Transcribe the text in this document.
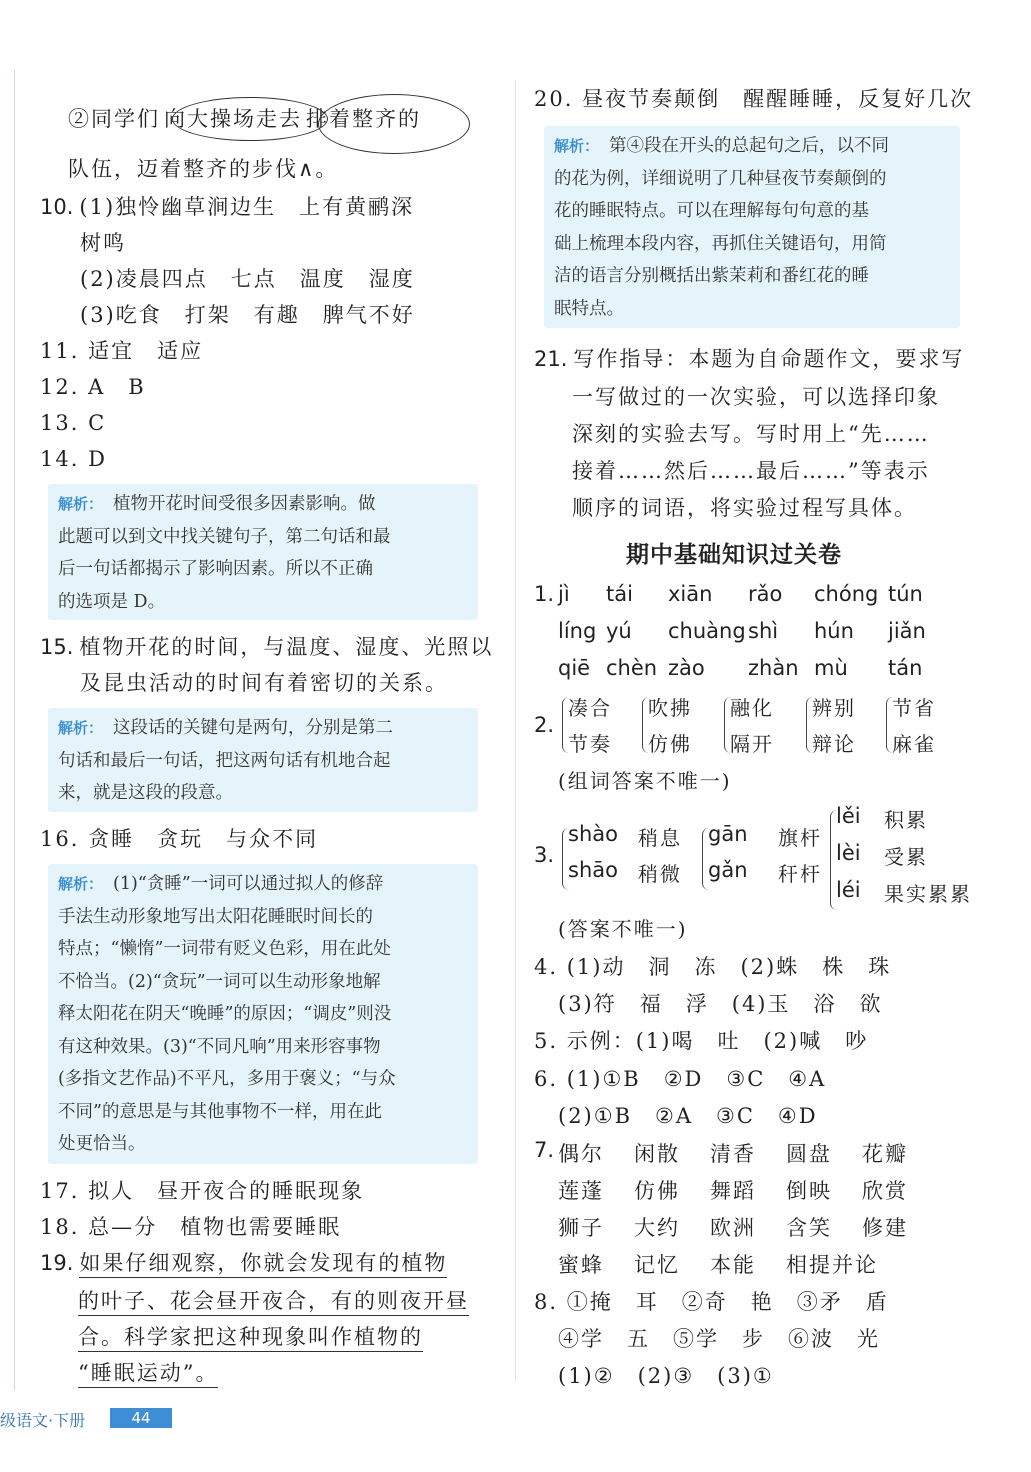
②同学们 向大操场走去 排着整齐的
队伍，迈着整齐的步伐∧。
10. (1)独怜幽草涧边生　上有黄鹂深
树鸣
(2)凌晨四点　七点　温度　湿度
(3)吃食　打架　有趣　脾气不好
11. 适宜　适应
12. A　B
13. C
14. D
解析： 植物开花时间受很多因素影响。做
此题可以到文中找关键句子，第二句话和最
后一句话都揭示了影响因素。所以不正确
的选项是 D。
15. 植物开花的时间，与温度、湿度、光照以
及昆虫活动的时间有着密切的关系。
解析： 这段话的关键句是两句，分别是第二
句话和最后一句话，把这两句话有机地合起
来，就是这段的段意。
16. 贪睡　贪玩　与众不同
解析： (1)“贪睡”一词可以通过拟人的修辞
手法生动形象地写出太阳花睡眠时间长的
特点；“懒惰”一词带有贬义色彩，用在此处
不恰当。(2)“贪玩”一词可以生动形象地解
释太阳花在阴天“晚睡”的原因；“调皮”则没
有这种效果。(3)“不同凡响”用来形容事物
(多指文艺作品)不平凡，多用于褒义；“与众
不同”的意思是与其他事物不一样，用在此
处更恰当。
17. 拟人　昼开夜合的睡眠现象
18. 总—分　植物也需要睡眠
19. 如果仔细观察，你就会发现有的植物
的叶子、花会昼开夜合，有的则夜开昼
合。科学家把这种现象叫作植物的
“睡眠运动”。
20. 昼夜节奏颠倒　醒醒睡睡，反复好几次
解析： 第④段在开头的总起句之后，以不同
的花为例，详细说明了几种昼夜节奏颠倒的
花的睡眠特点。可以在理解每句句意的基
础上梳理本段内容，再抓住关键语句，用简
洁的语言分别概括出紫茉莉和番红花的睡
眠特点。
21. 写作指导：本题为自命题作文，要求写
一写做过的一次实验，可以选择印象
深刻的实验去写。写时用上“先……
接着……然后……最后……”等表示
顺序的词语，将实验过程写具体。
期中基础知识过关卷
1. jì tái xiān rǎo chóng tún
líng yú chuàng shì hún jiǎn
qiē chèn zào zhàn mù tán
2.
凑合
节奏
吹拂
仿佛
融化
隔开
辨别
辩论
节省
麻雀
(组词答案不唯一)
3.
shào 稍息
shāo 稍微
gān 旗杆
gǎn 秆杆
lěi 积累
lèi 受累
léi 果实累累
(答案不唯一)
4. (1)动　洞　冻　(2)蛛　株　珠
(3)符　福　浮　(4)玉　浴　欲
5. 示例：(1)喝　吐　(2)喊　吵
6. (1)①B　②D　③C　④A
(2)①B　②A　③C　④D
7. 偶尔 闲散 清香 圆盘 花瓣
莲蓬 仿佛 舞蹈 倒映 欣赏
狮子 大约 欧洲 含笑 修建
蜜蜂 记忆 本能 相提并论
8. ①掩　耳　②奇　艳　③矛　盾
④学　五　⑤学　步　⑥波　光
(1)②　(2)③　(3)①
级语文·下册	44
